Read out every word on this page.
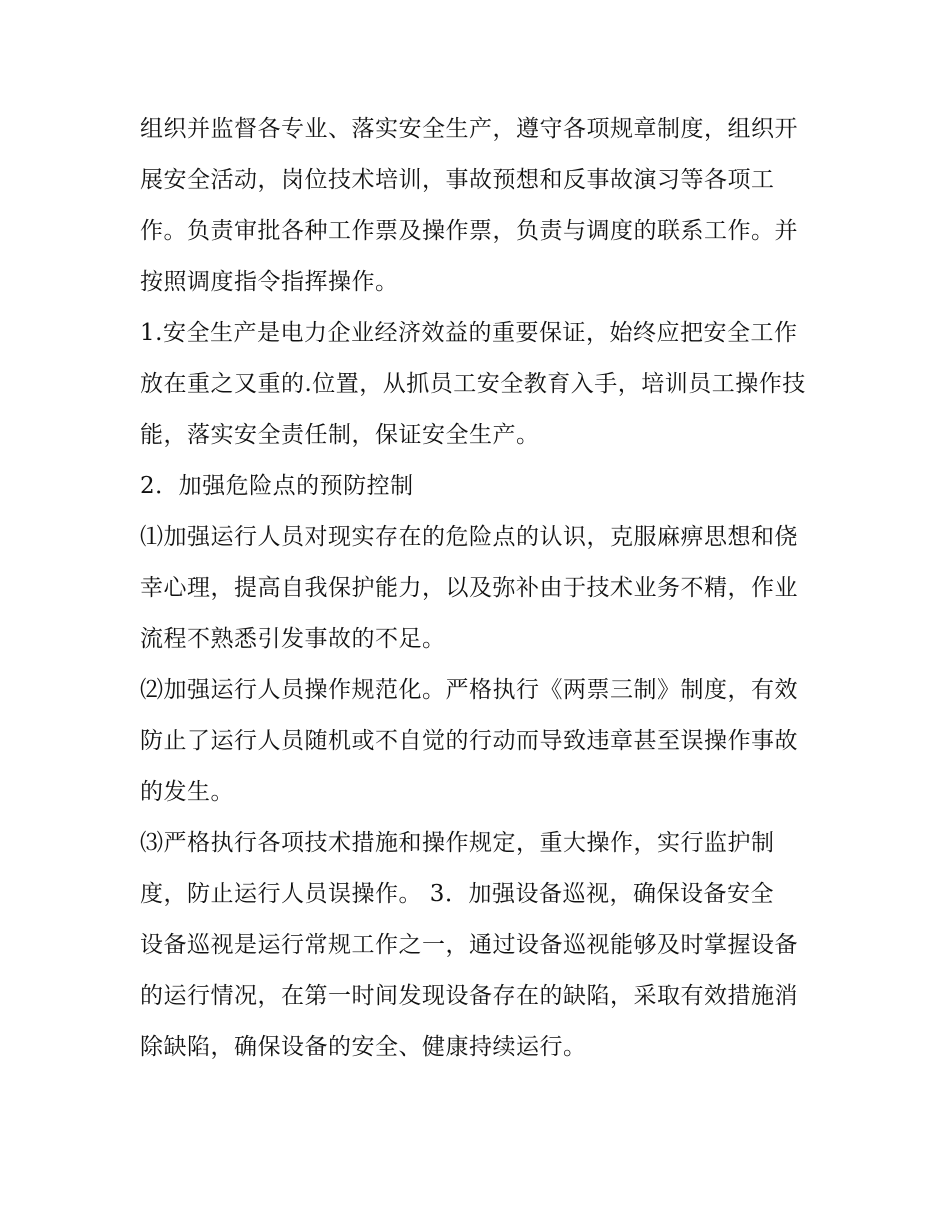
组织并监督各专业、落实安全生产，遵守各项规章制度，组织开展安全活动，岗位技术培训，事故预想和反事故演习等各项工作。负责审批各种工作票及操作票，负责与调度的联系工作。并按照调度指令指挥操作。

1.安全生产是电力企业经济效益的重要保证，始终应把安全工作放在重之又重的.位置，从抓员工安全教育入手，培训员工操作技能，落实安全责任制，保证安全生产。

2．加强危险点的预防控制

⑴加强运行人员对现实存在的危险点的认识，克服麻痹思想和侥幸心理，提高自我保护能力，以及弥补由于技术业务不精，作业流程不熟悉引发事故的不足。

⑵加强运行人员操作规范化。严格执行《两票三制》制度，有效防止了运行人员随机或不自觉的行动而导致违章甚至误操作事故的发生。

⑶严格执行各项技术措施和操作规定，重大操作，实行监护制度，防止运行人员误操作。 3．加强设备巡视，确保设备安全

设备巡视是运行常规工作之一，通过设备巡视能够及时掌握设备的运行情况，在第一时间发现设备存在的缺陷，采取有效措施消除缺陷，确保设备的安全、健康持续运行。
